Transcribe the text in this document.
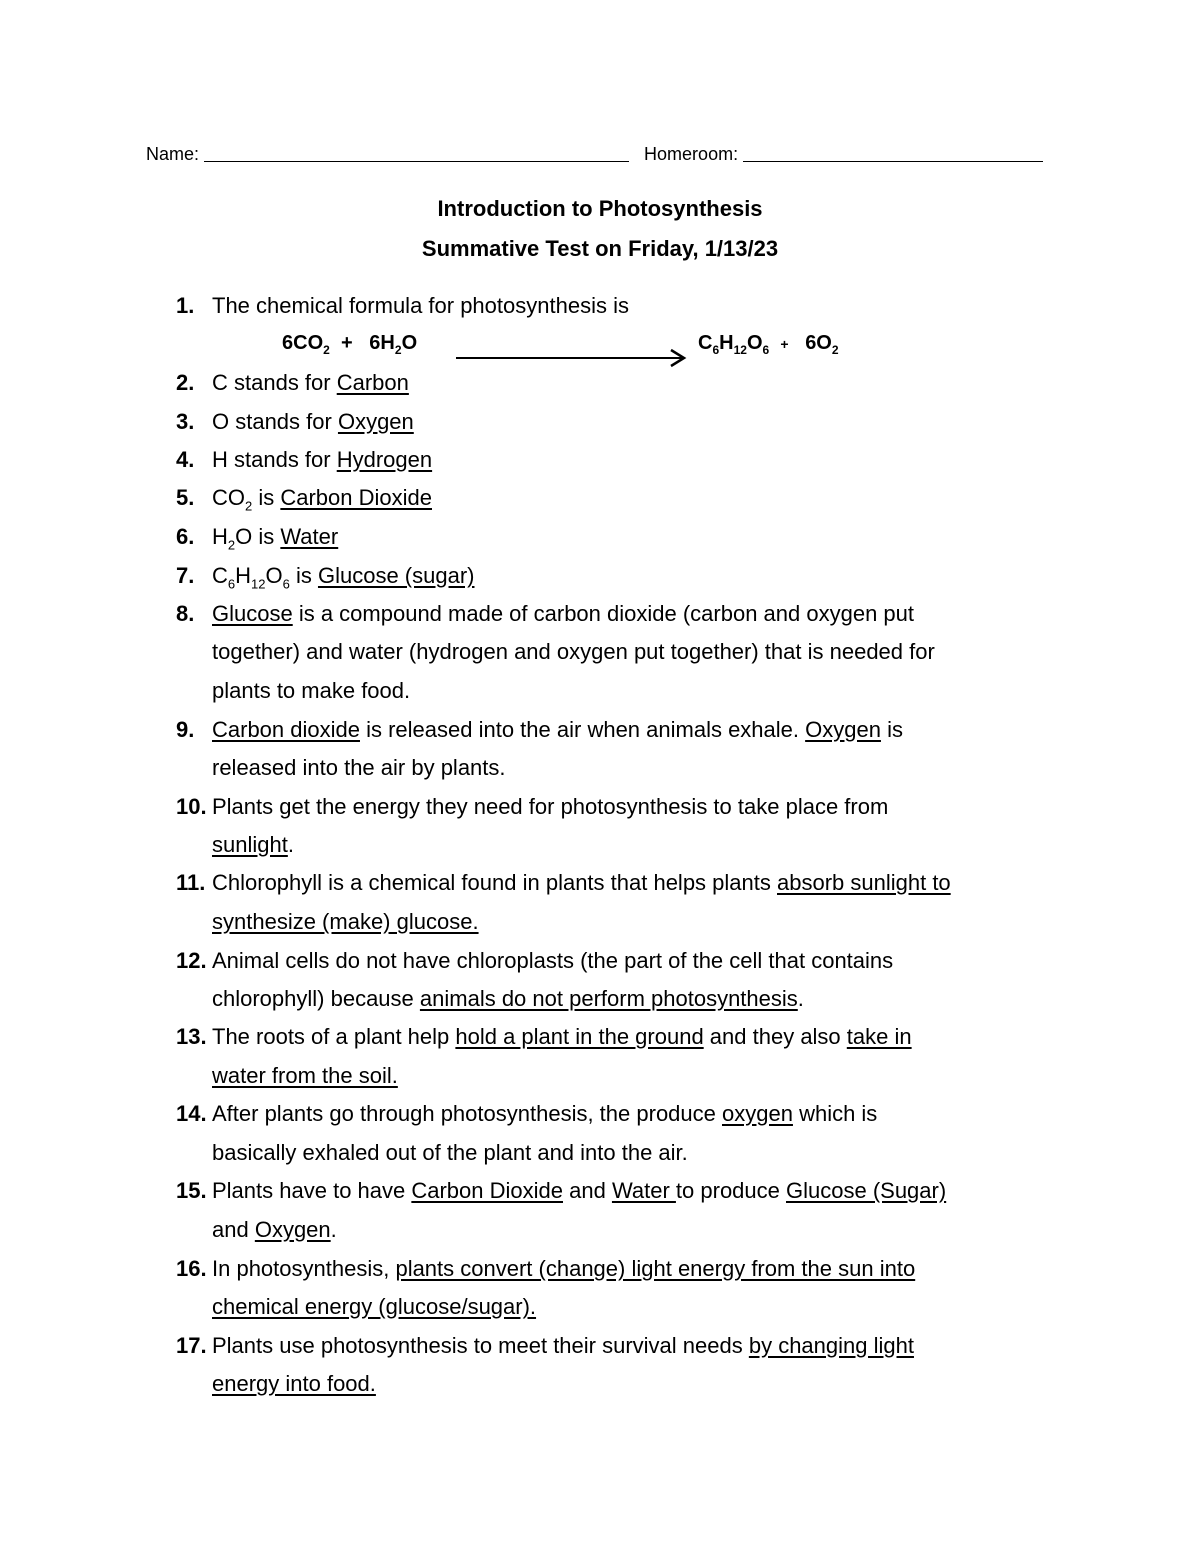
Name:	Homeroom:
Introduction to Photosynthesis
Summative Test on Friday, 1/13/23
1. The chemical formula for photosynthesis is
$6CO_2 + 6H_2O$	$C_6H_{12}O_6 + 6O_2$
2. C stands for Carbon
3. O stands for Oxygen
4. H stands for Hydrogen
5. $CO_2$ is Carbon Dioxide
6. $H_2O$ is Water
7. $C_6H_{12}O_6$ is Glucose (sugar)
8. Glucose is a compound made of carbon dioxide (carbon and oxygen put
together) and water (hydrogen and oxygen put together) that is needed for
plants to make food.
9. Carbon dioxide is released into the air when animals exhale. Oxygen is
released into the air by plants.
10. Plants get the energy they need for photosynthesis to take place from
sunlight.
11. Chlorophyll is a chemical found in plants that helps plants absorb sunlight to
synthesize (make) glucose.
12. Animal cells do not have chloroplasts (the part of the cell that contains
chlorophyll) because animals do not perform photosynthesis.
13. The roots of a plant help hold a plant in the ground and they also take in
water from the soil.
14. After plants go through photosynthesis, the produce oxygen which is
basically exhaled out of the plant and into the air.
15. Plants have to have Carbon Dioxide and Water to produce Glucose (Sugar)
and Oxygen.
16. In photosynthesis, plants convert (change) light energy from the sun into
chemical energy (glucose/sugar).
17. Plants use photosynthesis to meet their survival needs by changing light
energy into food.
